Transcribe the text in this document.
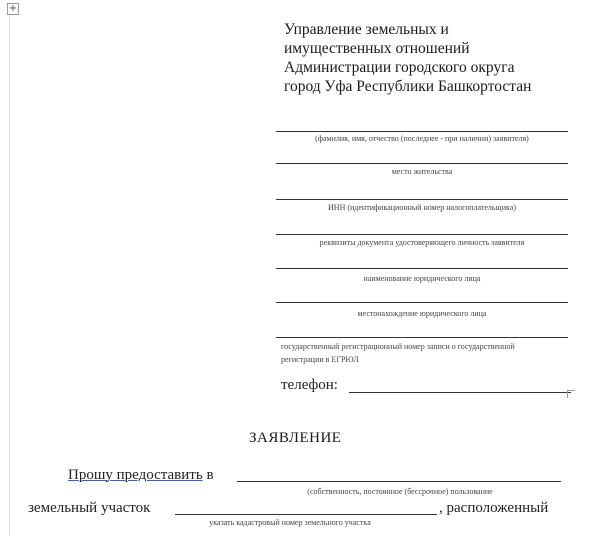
+
Управление земельных и
имущественных отношений
Администрации городского округа
город Уфа Республики Башкортостан
(фамилия, имя, отчество (последнее - при наличии) заявителя)
место жительства
ИНН (идентификационный номер налогоплательщика)
реквизиты документа удостоверяющего личность заявителя
наименование юридического лица
местонахождение юридического лица
государственный регистрационный номер записи о государственной
регистрации в ЕГРЮЛ
телефон:
ЗАЯВЛЕНИЕ
Прошу предоставить в
(собственность, постоянное (бессрочное) пользование
земельный участок	, расположенный
указать кадастровый номер земельного участка
